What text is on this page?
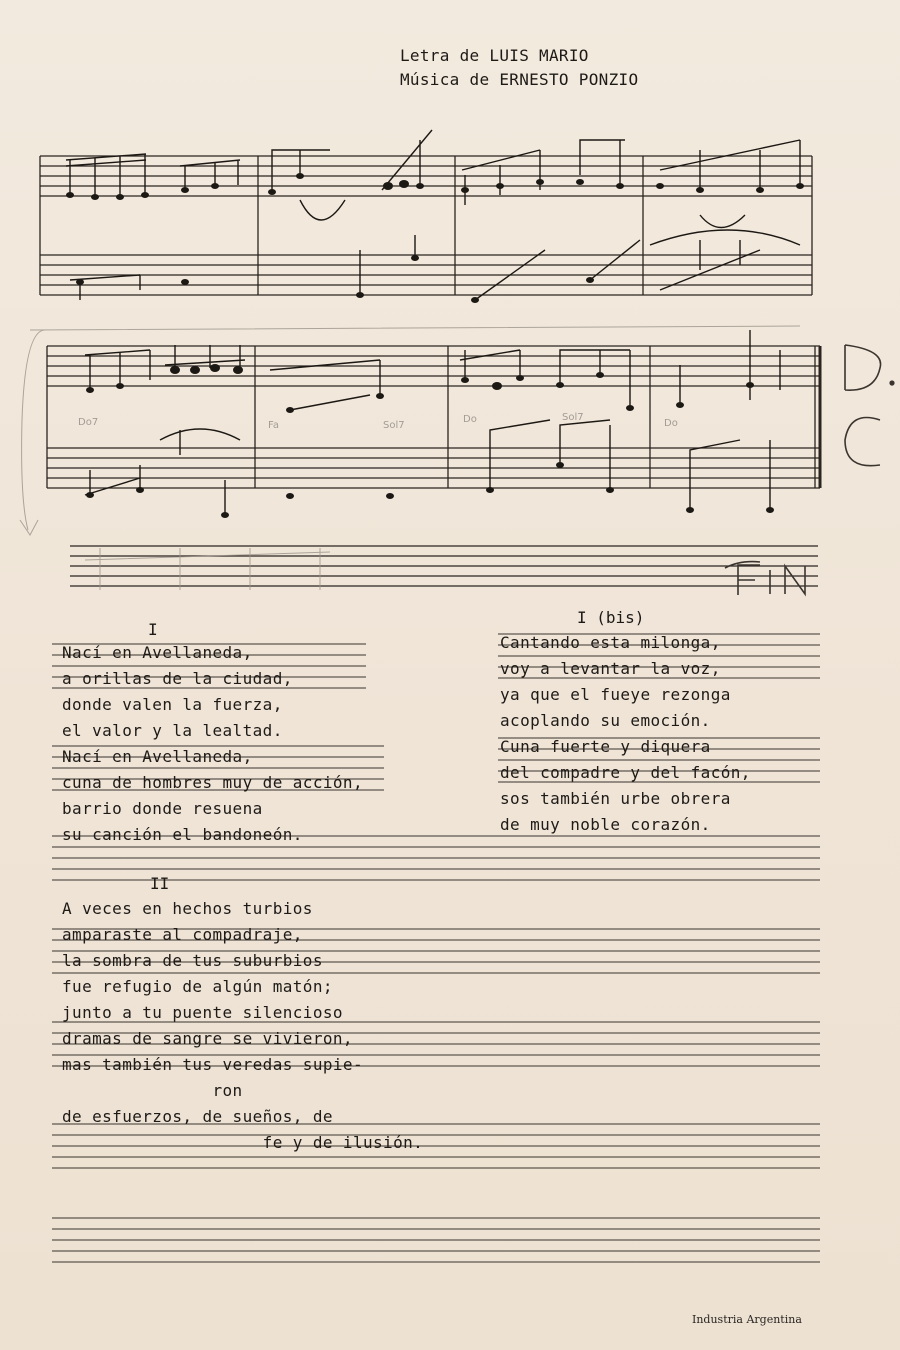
Do7	Fa	Sol7
Do	Sol7
Do
Letra de LUIS MARIO
Música de ERNESTO PONZIO
I
Nací en Avellaneda,
a orillas de la ciudad,
donde valen la fuerza,
el valor y la lealtad.
Nací en Avellaneda,
cuna de hombres muy de acción,
barrio donde resuena
su canción el bandoneón.
I (bis)
Cantando esta milonga,
voy a levantar la voz,
ya que el fueye rezonga
acoplando su emoción.
Cuna fuerte y diquera
del compadre y del facón,
sos también urbe obrera
de muy noble corazón.
II
A veces en hechos turbios
amparaste al compadraje,
la sombra de tus suburbios
fue refugio de algún matón;
junto a tu puente silencioso
dramas de sangre se vivieron,
mas también tus veredas supie-
ron
de esfuerzos, de sueños, de
fe y de ilusión.
Industria Argentina
